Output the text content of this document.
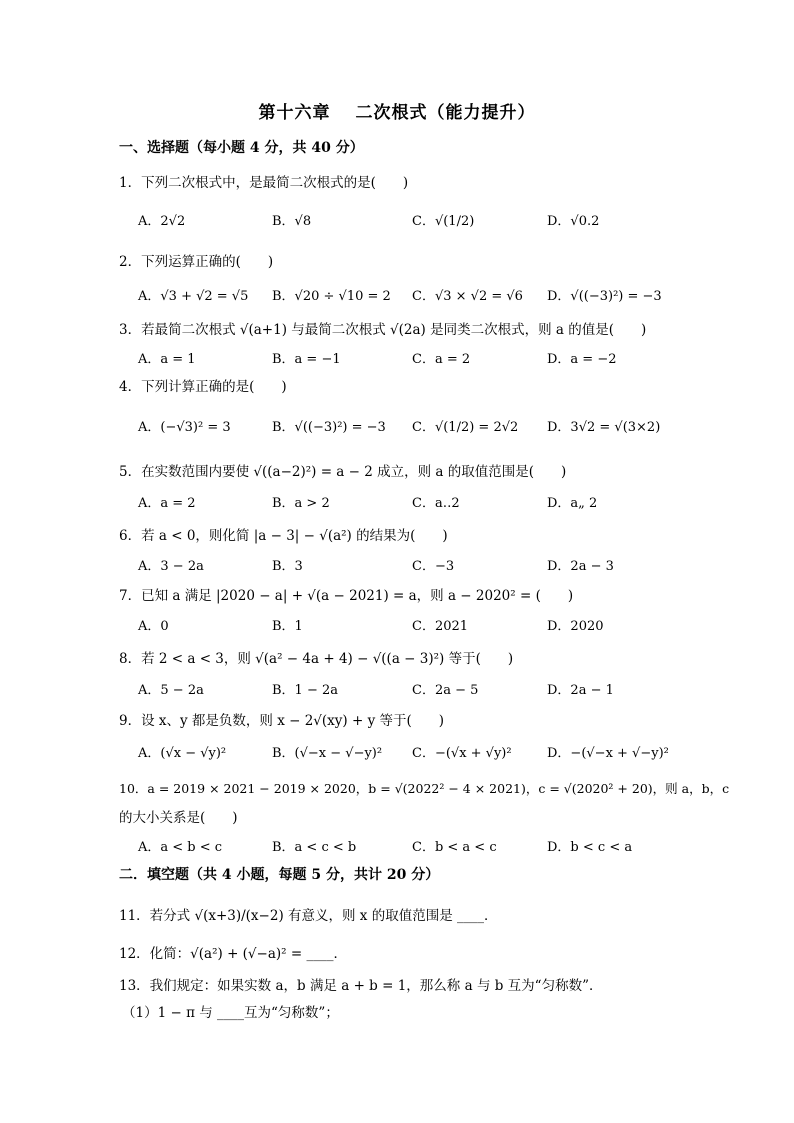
第十六章　 二次根式（能力提升）
一、选择题（每小题 4 分，共 40 分）
1．下列二次根式中，是最简二次根式的是(　　)
A．2√2	B．√8	C．√(1/2)	D．√0.2
2．下列运算正确的(　　)
A．√3 + √2 = √5 B．√20 ÷ √10 = 2 C．√3 × √2 = √6 D．√((−3)²) = −3
3．若最简二次根式 √(a+1) 与最简二次根式 √(2a) 是同类二次根式，则 a 的值是(　　)
A．a = 1	B．a = −1	C．a = 2	D．a = −2
4．下列计算正确的是(　　)
A．(−√3)² = 3	B．√((−3)²) = −3 C．√(1/2) = 2√2 D．3√2 = √(3×2)
5．在实数范围内要使 √((a−2)²) = a − 2 成立，则 a 的取值范围是(　　)
A．a = 2	B．a > 2	C．a‥2	D．a„ 2
6．若 a < 0，则化简 |a − 3| − √(a²) 的结果为(　　)
A．3 − 2a	B．3	C．−3	D．2a − 3
7．已知 a 满足 |2020 − a| + √(a − 2021) = a，则 a − 2020² = (　　)
A．0	B．1	C．2021	D．2020
8．若 2 < a < 3，则 √(a² − 4a + 4) − √((a − 3)²) 等于(　　)
A．5 − 2a	B．1 − 2a	C．2a − 5	D．2a − 1
9．设 x、y 都是负数，则 x − 2√(xy) + y 等于(　　)
A．(√x − √y)²	B．(√−x − √−y)² C．−(√x + √y)²	D．−(√−x + √−y)²
10．a = 2019 × 2021 − 2019 × 2020，b = √(2022² − 4 × 2021)，c = √(2020² + 20)，则 a，b，c
的大小关系是(　　)
A．a < b < c	B．a < c < b	C．b < a < c	D．b < c < a
二．填空题（共 4 小题，每题 5 分，共计 20 分）
11．若分式 √(x+3)/(x−2) 有意义，则 x 的取值范围是 ____．
12．化简：√(a²) + (√−a)² = ____．
13．我们规定：如果实数 a，b 满足 a + b = 1，那么称 a 与 b 互为“匀称数”．
（1）1 − π 与 ____互为“匀称数”；
